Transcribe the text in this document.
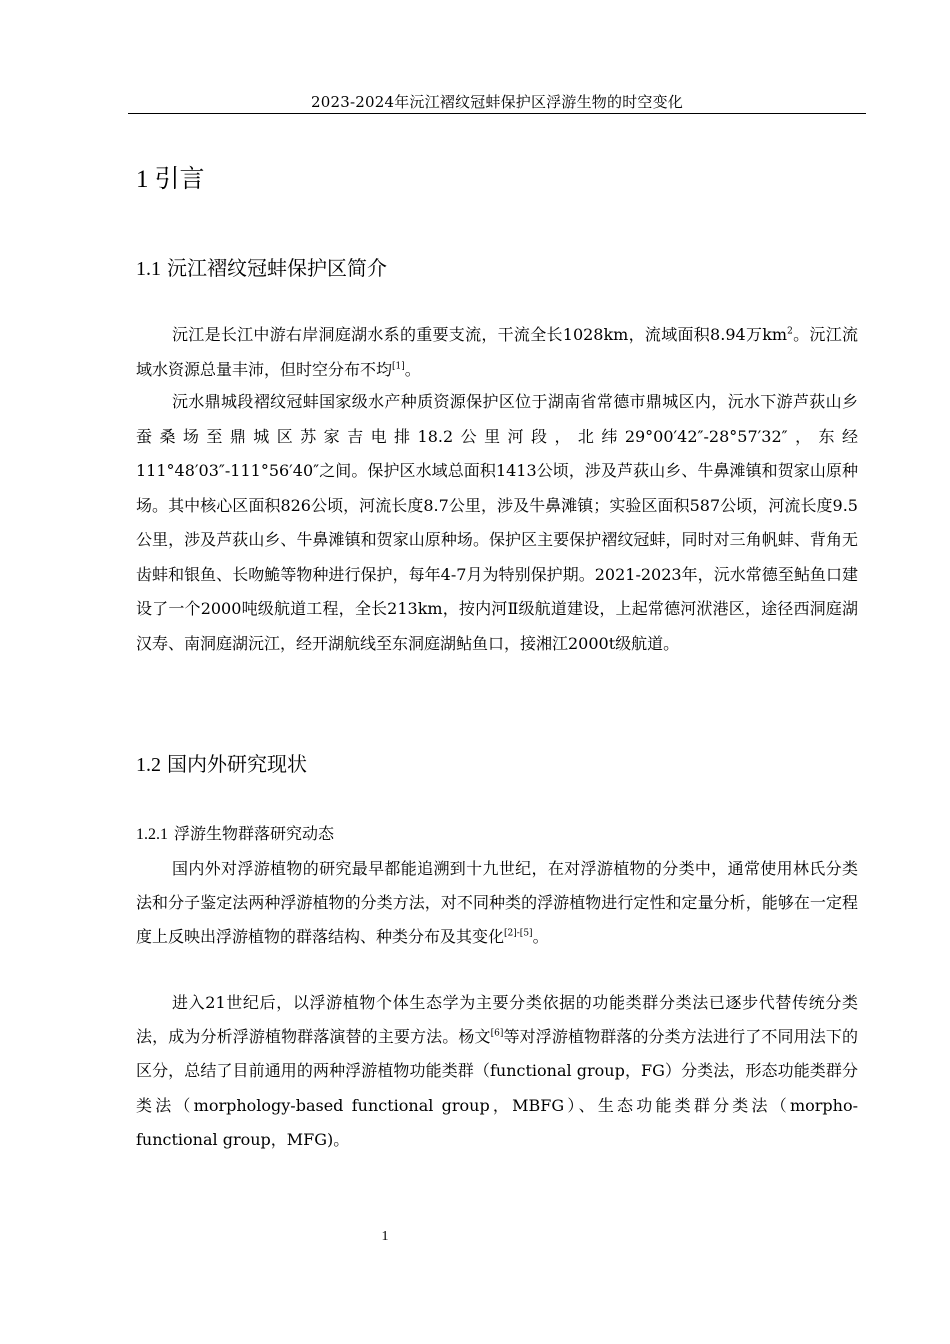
2023-2024年沅江褶纹冠蚌保护区浮游生物的时空变化
1 引言
1.1 沅江褶纹冠蚌保护区简介

沅江是长江中游右岸洞庭湖水系的重要支流，干流全长1028km，流域面积8.94万$km^2$。沅江流域水资源总量丰沛，但时空分布不均[1]。

沅水鼎城段褶纹冠蚌国家级水产种质资源保护区位于湖南省常德市鼎城区内，沅水下游芦荻山乡蚕桑场至鼎城区苏家吉电排18.2公里河段，北纬29°00′42″-28°57′32″，东经111°48′03″-111°56′40″之间。保护区水域总面积1413公顷，涉及芦荻山乡、牛鼻滩镇和贺家山原种场。其中核心区面积826公顷，河流长度8.7公里，涉及牛鼻滩镇；实验区面积587公顷，河流长度9.5公里，涉及芦荻山乡、牛鼻滩镇和贺家山原种场。保护区主要保护褶纹冠蚌，同时对三角帆蚌、背角无齿蚌和银鱼、长吻鮠等物种进行保护，每年4-7月为特别保护期。2021-2023年，沅水常德至鲇鱼口建设了一个2000吨级航道工程，全长213km，按内河Ⅱ级航道建设，上起常德河洑港区，途径西洞庭湖汉寿、南洞庭湖沅江，经开湖航线至东洞庭湖鲇鱼口，接湘江2000t级航道。

1.2 国内外研究现状
1.2.1 浮游生物群落研究动态

国内外对浮游植物的研究最早都能追溯到十九世纪，在对浮游植物的分类中，通常使用林氏分类法和分子鉴定法两种浮游植物的分类方法，对不同种类的浮游植物进行定性和定量分析，能够在一定程度上反映出浮游植物的群落结构、种类分布及其变化[2]-[5]。

进入21世纪后，以浮游植物个体生态学为主要分类依据的功能类群分类法已逐步代替传统分类法，成为分析浮游植物群落演替的主要方法。杨文[6]等对浮游植物群落的分类方法进行了不同用法下的区分，总结了目前通用的两种浮游植物功能类群（functional group，FG）分类法，形态功能类群分类法（morphology-based functional group，MBFG）、生态功能类群分类法（morpho-functional group，MFG)。

1
